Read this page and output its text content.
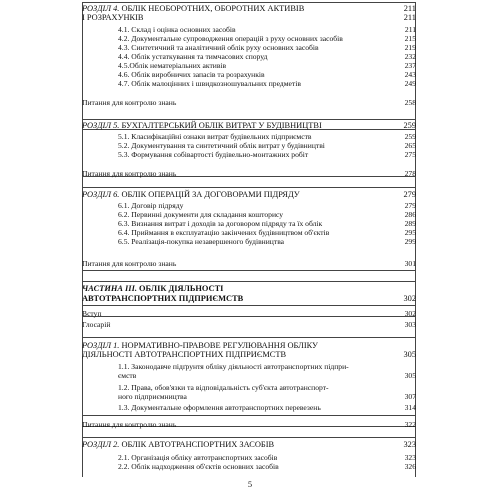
РОЗДІЛ 4. ОБЛІК НЕОБОРОТНИХ, ОБОРОТНИХ АКТИВІВ	211
І РОЗРАХУНКІВ	211
4.1. Склад і оцінка основних засобів	211
4.2. Документальне супроводження операцій з руху основних засобів	215
4.3. Синтетичний та аналітичний облік руху основних засобів	219
4.4. Облік устаткування та тимчасових споруд	232
4.5.Облік нематеріальних активів	237
4.6. Облік виробничих запасів та розрахунків	243
4.7. Облік малоцінних і швидкозношувальних предметів	249
Питання для контролю знань	258
РОЗДІЛ 5. БУХГАЛТЕРСЬКИЙ ОБЛІК ВИТРАТ У БУДІВНИЦТВІ	259
5.1. Класифікаційні ознаки витрат будівельних підприємств	259
5.2. Документування та синтетичний облік витрат у будівництві	265
5.3. Формування собівартості будівельно-монтажних робіт	275
Питання для контролю знань	278
РОЗДІЛ 6. ОБЛІК ОПЕРАЦІЙ ЗА ДОГОВОРАМИ ПІДРЯДУ	279
6.1. Договір підряду	279
6.2. Первинні документи для складання кошторису	286
6.3. Визнання витрат і доходів за договором підряду та їх облік	289
6.4. Приймання в експлуатацію закінчених будівництвом об'єктів	295
6.5. Реалізація-покупка незавершеного будівництва	299
Питання для контролю знань	301
ЧАСТИНА III. ОБЛІК ДІЯЛЬНОСТІ
АВТОТРАНСПОРТНИХ ПІДПРИЄМСТВ	302
Вступ	302
Глосарій	303
РОЗДІЛ 1. НОРМАТИВНО-ПРАВОВЕ РЕГУЛЮВАННЯ ОБЛІКУ
ДІЯЛЬНОСТІ АВТОТРАНСПОРТНИХ ПІДПРИЄМСТВ	305
1.1. Законодавче підґрунтя обліку діяльності автотранспортних підпри-
ємств	305
1.2. Права, обов'язки та відповідальність суб'єкта автотранспорт-
ного підприємництва	307
1.3. Документальне оформлення автотранспортних перевезень	314
Питання для контролю знань	322
РОЗДІЛ 2. ОБЛІК АВТОТРАНСПОРТНИХ ЗАСОБІВ	323
2.1. Організація обліку автотранспортних засобів	323
2.2. Облік надходження об'єктів основних засобів	326
5
